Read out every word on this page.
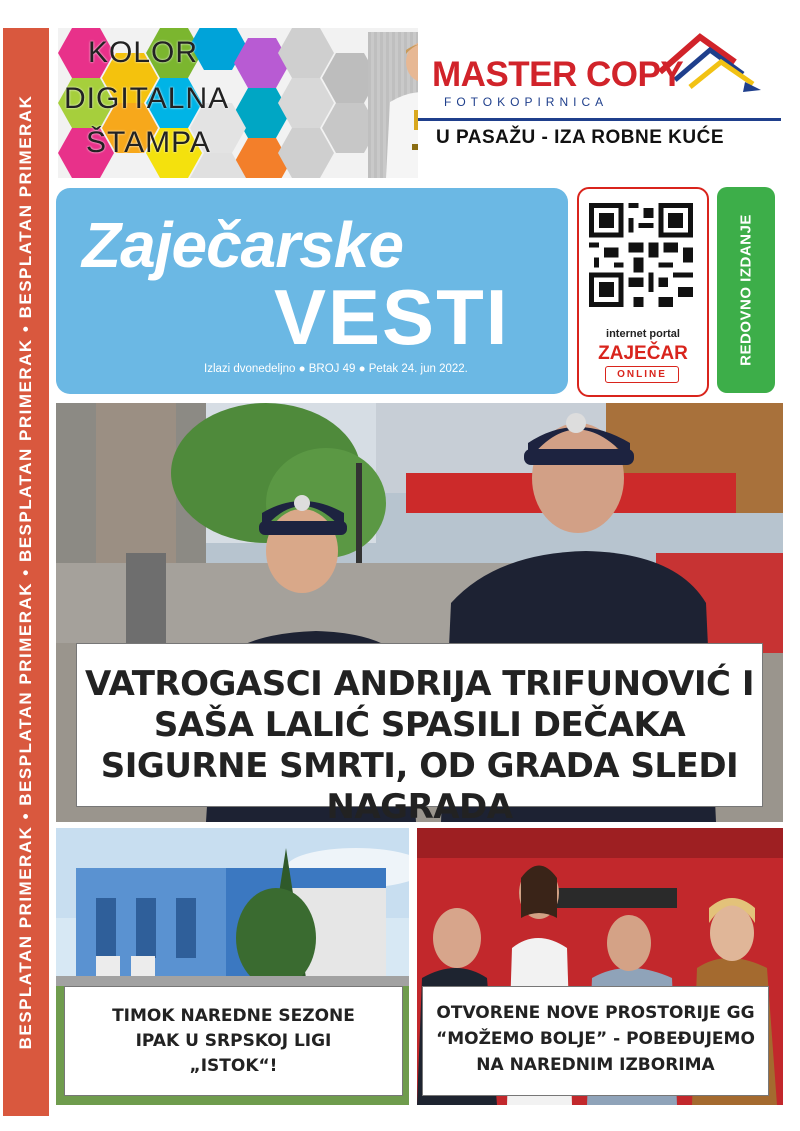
BESPLATAN PRIMERAK • BESPLATAN PRIMERAK • BESPLATAN PRIMERAK • BESPLATAN PRIMERAK
KOLOR
DIGITALNA
ŠTAMPA
MASTER COPY
FOTOKOPIRNICA
U PASAŽU - IZA ROBNE KUĆE
Zaječarske
VESTI
Izlazi dvonedeljno ● BROJ 49 ● Petak 24. jun 2022.
internet portal
ZAJEČAR
ONLINE
REDOVNO IZDANJE
VATROGASCI ANDRIJA TRIFUNOVIĆ I SAŠA LALIĆ SPASILI DEČAKA SIGURNE SMRTI, OD GRADA SLEDI NAGRADA
TIMOK NAREDNE SEZONE IPAK U SRPSKOJ LIGI „ISTOK“!
OTVORENE NOVE PROSTORIJE GG “MOŽEMO BOLJE” - POBEĐUJEMO NA NAREDNIM IZBORIMA
